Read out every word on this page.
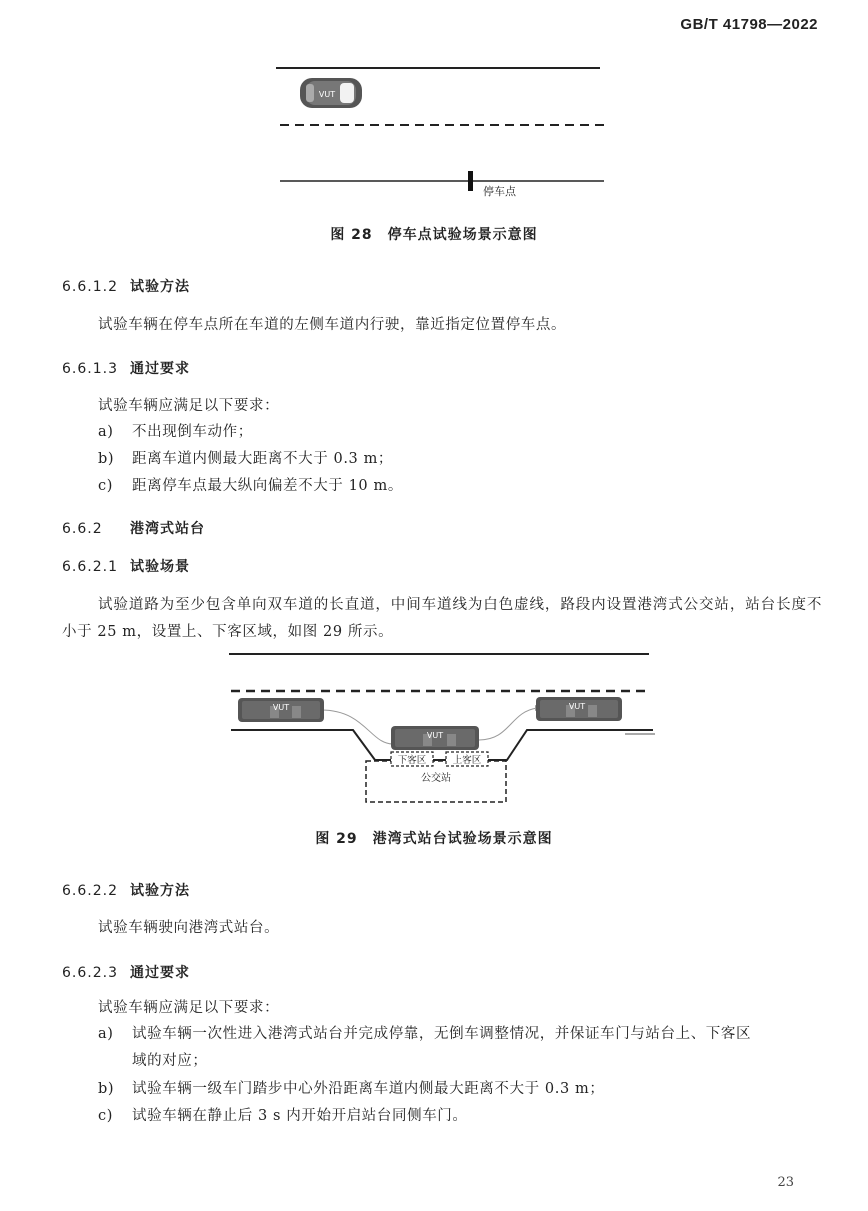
GB/T 41798—2022
VUT
停车点
图 28　停车点试验场景示意图
6.6.1.2 试验方法
试验车辆在停车点所在车道的左侧车道内行驶，靠近指定位置停车点。
6.6.1.3 通过要求
试验车辆应满足以下要求：
a) 不出现倒车动作；
b) 距离车道内侧最大距离不大于 0.3 m；
c) 距离停车点最大纵向偏差不大于 10 m。
6.6.2 港湾式站台
6.6.2.1 试验场景
试验道路为至少包含单向双车道的长直道，中间车道线为白色虚线，路段内设置港湾式公交站，站台长度不小于 25 m，设置上、下客区域，如图 29 所示。
VUT
VUT
VUT
下客区	上客区
公交站
图 29　港湾式站台试验场景示意图
6.6.2.2 试验方法
试验车辆驶向港湾式站台。
6.6.2.3 通过要求
试验车辆应满足以下要求：
a) 试验车辆一次性进入港湾式站台并完成停靠，无倒车调整情况，并保证车门与站台上、下客区
域的对应；
b) 试验车辆一级车门踏步中心外沿距离车道内侧最大距离不大于 0.3 m；
c) 试验车辆在静止后 3 s 内开始开启站台同侧车门。
23
